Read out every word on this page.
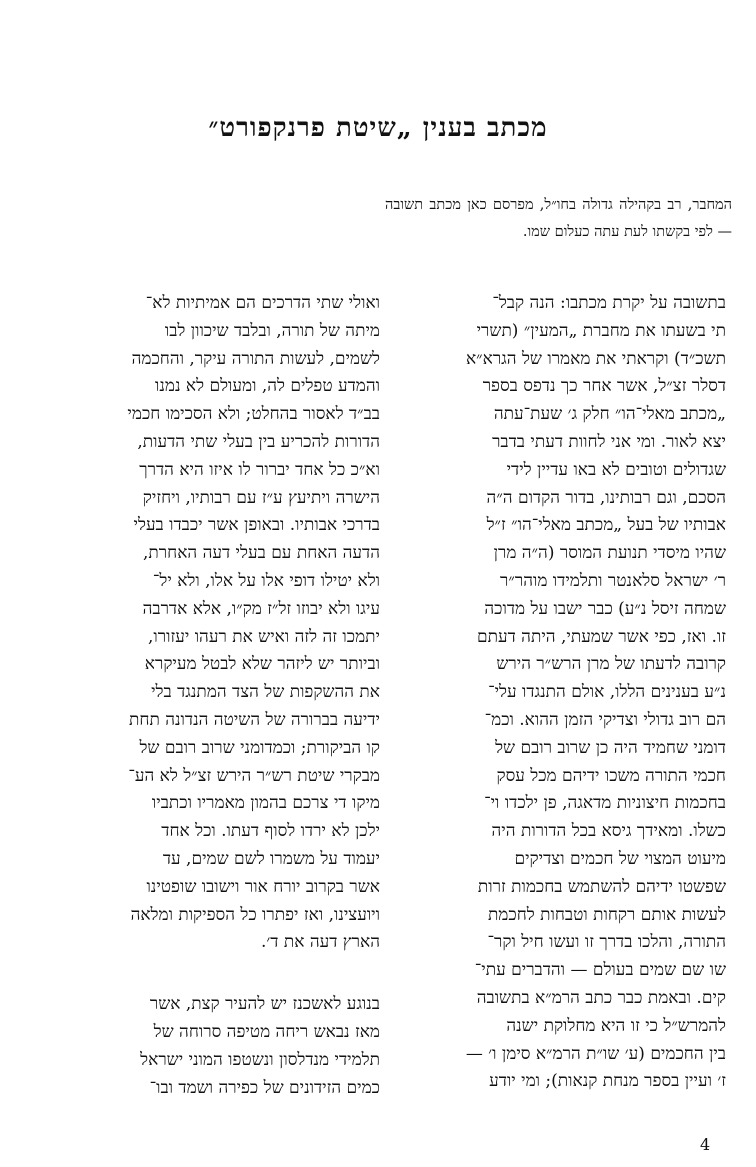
מכתב בענין „שיטת פרנקפורט״
המחבר, רב בקהילה גדולה בחו״ל, מפרסם כאן מכתב תשובה — לפי בקשתו לעת עתה כעלום שמו.
בתשובה על יקרת מכתבו: הנה קבל־
תי בשעתו את מחברת „המעין״ (תשרי
תשכ״ד) וקראתי את מאמרו של הגרא״א
דסלר זצ״ל, אשר אחר כך נדפס בספר
„מכתב מאלי־הו״ חלק ג׳ שעת־עתה
יצא לאור. ומי אני לחוות דעתי בדבר
שגדולים וטובים לא באו עדיין לידי
הסכם, וגם רבותינו, בדור הקדום ה״ה
אבותיו של בעל „מכתב מאלי־הו״ ז״ל
שהיו מיסדי תנועת המוסר (ה״ה מרן
ר׳ ישראל סלאנטר ותלמידו מוהר״ר
שמחה זיסל נ״ע) כבר ישבו על מדוכה
זו. ואז, כפי אשר שמעתי, היתה דעתם
קרובה לדעתו של מרן הרש״ר הירש
נ״ע בענינים הללו, אולם התנגדו עלי־
הם רוב גדולי וצדיקי הזמן ההוא. וכמ־
דומני שחמיד היה כן שרוב רובם של
חכמי התורה משכו ידיהם מכל עסק
בחכמות חיצוניות מדאגה, פן ילכדו וי־
כשלו. ומאידך גיסא בכל הדורות היה
מיעוט המצוי של חכמים וצדיקים
שפשטו ידיהם להשתמש בחכמות זרות
לעשות אותם רקחות וטבחות לחכמת
התורה, והלכו בדרך זו ועשו חיל וקר־
שו שם שמים בעולם — והדברים עתי־
קים. ובאמת כבר כתב הרמ״א בתשובה
להמרש״ל כי זו היא מחלוקת ישנה
בין החכמים (ע׳ שו״ת הרמ״א סימן ו׳ —
ז׳ ועיין בספר מנחת קנאות); ומי יודע
ואולי שתי הדרכים הם אמיתיות לא־
מיתה של תורה, ובלבד שיכוון לבו
לשמים, לעשות התורה עיקר, והחכמה
והמדע טפלים לה, ומעולם לא נמנו
בב״ד לאסור בהחלט; ולא הסכימו חכמי
הדורות להכריע בין בעלי שתי הדעות,
וא״כ כל אחד יברור לו איזו היא הדרך
הישרה ויתיעץ ע״ז עם רבותיו, ויחזיק
בדרכי אבותיו. ובאופן אשר יכבדו בעלי
הדעה האחת עם בעלי דעה האחרת,
ולא יטילו דופי אלו על אלו, ולא יל־
עיגו ולא יבוזו זל״ז מק״ו, אלא אדרבה
יתמכו זה לזה ואיש את רעהו יעזורו,
וביותר יש ליזהר שלא לבטל מעיקרא
את ההשקפות של הצד המתנגד בלי
ידיעה בברורה של השיטה הנדונה תחת
קו הביקורת; וכמדומני שרוב רובם של
מבקרי שיטת רש״ר הירש זצ״ל לא הע־
מיקו די צרכם בהמון מאמריו וכתביו
ילכן לא ירדו לסוף דעתו. וכל אחד
יעמוד על משמרו לשם שמים, עד
אשר בקרוב יורח אור וישובו שופטינו
ויועצינו, ואז יפתרו כל הספיקות ומלאה
הארץ דעה את ד׳.
בנוגע לאשכנז יש להעיר קצת, אשר
מאז נבאש ריחה מטיפה סרוחה של
תלמידי מנדלסון ונשטפו המוני ישראל
כמים הזידונים של כפירה ושמד ובו־
4
